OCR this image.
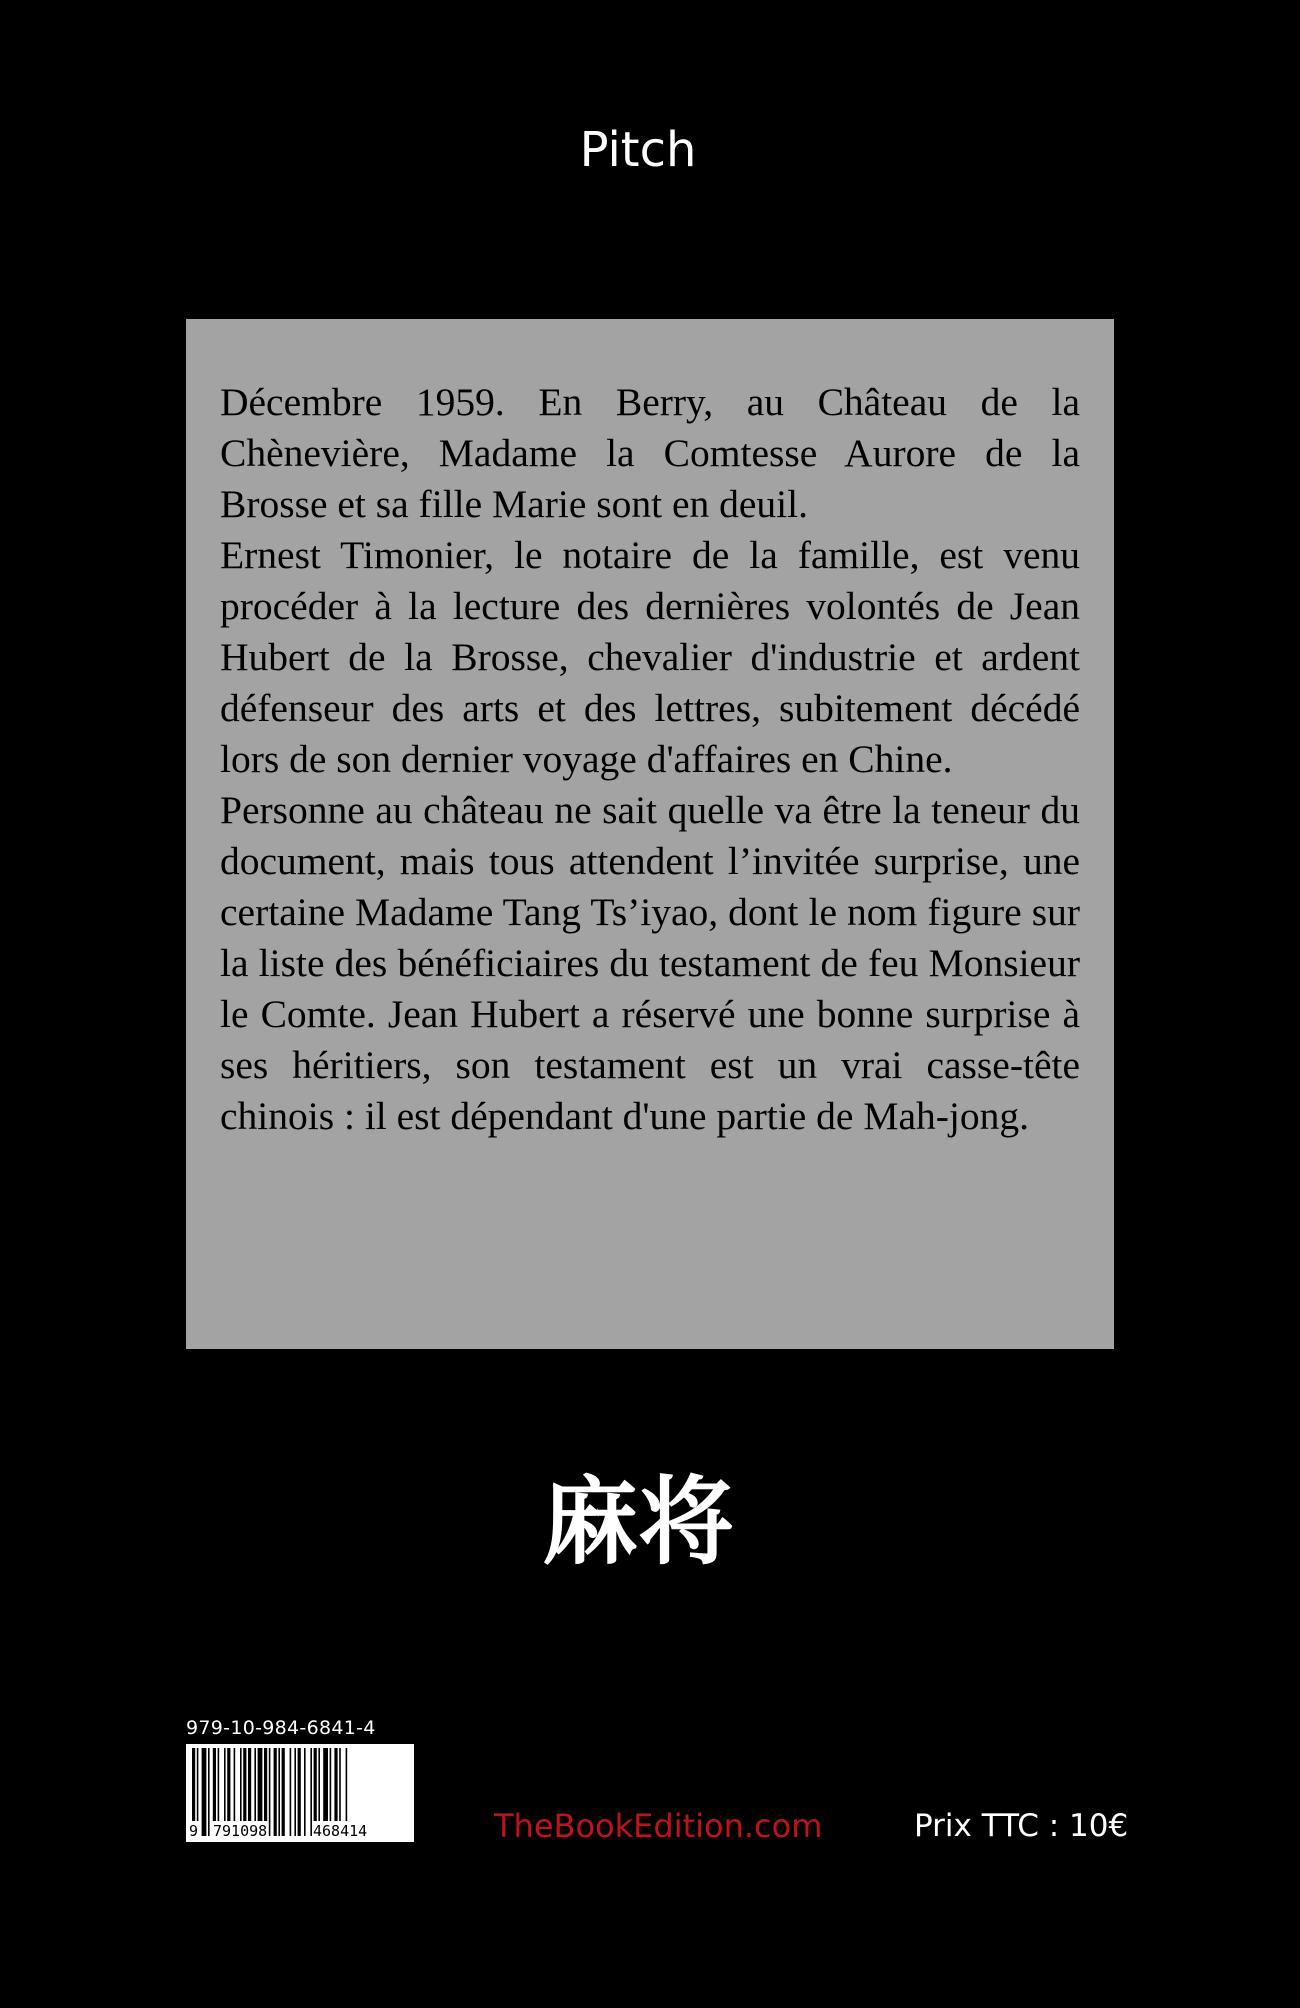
Pitch

Décembre 1959. En Berry, au Château de la Chènevière, Madame la Comtesse Aurore de la Brosse et sa fille Marie sont en deuil.

Ernest Timonier, le notaire de la famille, est venu procéder à la lecture des dernières volontés de Jean Hubert de la Brosse, chevalier d'industrie et ardent défenseur des arts et des lettres, subitement décédé lors de son dernier voyage d'affaires en Chine.

Personne au château ne sait quelle va être la teneur du document, mais tous attendent l’invitée surprise, une certaine Madame Tang Ts’iyao, dont le nom figure sur la liste des bénéficiaires du testament de feu Monsieur le Comte. Jean Hubert a réservé une bonne surprise à ses héritiers, son testament est un vrai casse-tête chinois : il est dépendant d'une partie de Mah-jong.

麻将
979-10-984-6841-4
9 791098	468414	TheBookEdition.com	Prix TTC : 10€
